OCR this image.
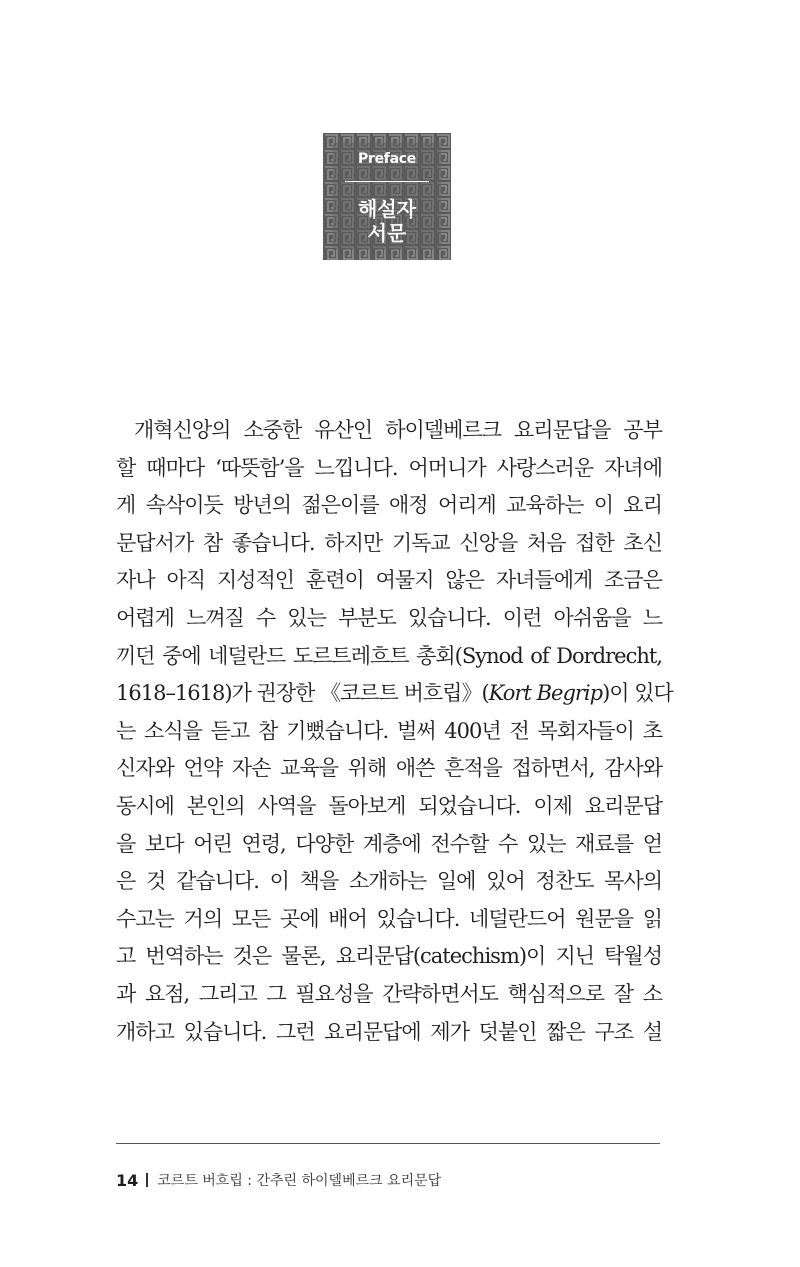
Preface
해설자
서문
개혁신앙의 소중한 유산인 하이델베르크 요리문답을 공부
할 때마다 ‘따뜻함’을 느낍니다. 어머니가 사랑스러운 자녀에
게 속삭이듯 방년의 젊은이를 애정 어리게 교육하는 이 요리
문답서가 참 좋습니다. 하지만 기독교 신앙을 처음 접한 초신
자나 아직 지성적인 훈련이 여물지 않은 자녀들에게 조금은
어렵게 느껴질 수 있는 부분도 있습니다. 이런 아쉬움을 느
끼던 중에 네덜란드 도르트레흐트 총회(Synod of Dordrecht,
1618–1618)가 권장한 《코르트 버흐립》(Kort Begrip)이 있다
는 소식을 듣고 참 기뻤습니다. 벌써 400년 전 목회자들이 초
신자와 언약 자손 교육을 위해 애쓴 흔적을 접하면서, 감사와
동시에 본인의 사역을 돌아보게 되었습니다. 이제 요리문답
을 보다 어린 연령, 다양한 계층에 전수할 수 있는 재료를 얻
은 것 같습니다. 이 책을 소개하는 일에 있어 정찬도 목사의
수고는 거의 모든 곳에 배어 있습니다. 네덜란드어 원문을 읽
고 번역하는 것은 물론, 요리문답(catechism)이 지닌 탁월성
과 요점, 그리고 그 필요성을 간략하면서도 핵심적으로 잘 소
개하고 있습니다. 그런 요리문답에 제가 덧붙인 짧은 구조 설
14 코르트 버흐립 : 간추린 하이델베르크 요리문답
